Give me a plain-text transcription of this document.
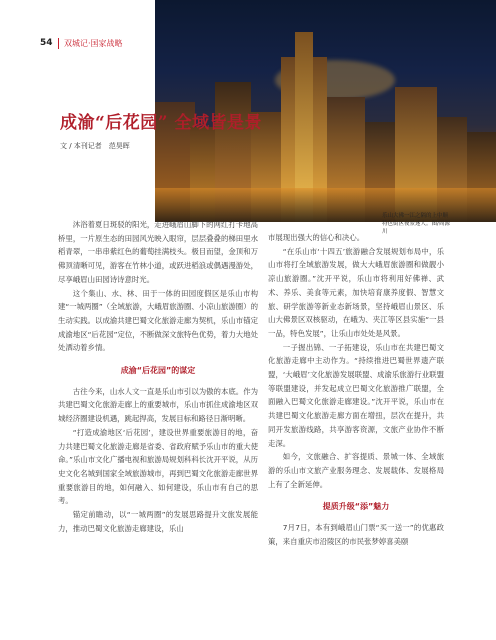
54 双城记·国家战略
成渝“后花园” 全域皆是景
文 / 本刊记者　范昊晖
乐山大佛一江之隔的上中顺特色街区夜景迷人。图/周源川

沐浴着夏日斑驳的阳光，走进峨眉山脚下的网红打卡地高桥里，一片原生态的田园风光映入眼帘，层层叠叠的梯田里水稻青翠，一串串紫红色的葡萄挂满枝头。极目而望，金顶和万佛顶清晰可见，游客在竹林小道，或跃进稻浪或偶遇漫游处，尽享峨眉山田园诗诗意时光。

这个集山、水、林、田于一体的田园度假区是乐山市构建“一城两圈”（全域旅游，大峨眉旅游圈、小凉山旅游圈）的生动实践。以成渝共建巴蜀文化旅游走廊为契机，乐山市锚定成渝地区“后花园”定位，不断做深文旅特色优势，着力大地处处洒动着乡情。

成渝“后花园”的谋定

古往今来，山水人文一直是乐山市引以为傲的本底。作为共建巴蜀文化旅游走廊上的重要城市，乐山市抓住成渝地区双城经济圈建设机遇，跳起捍高，发展目标和路径日渐明晰。

“打造成渝地区‘后花园’，建设世界重要旅游目的地，奋力共建巴蜀文化旅游走廊是省委、省政府赋予乐山市的重大使命。”乐山市文化广播电视和旅游局规划科科长沈开平说，从历史文化名城到国家全域旅游城市，再到巴蜀文化旅游走廊世界重要旅游目的地，如何融入、如何建设，乐山市有自己的思考。

锚定前瞻动，以“一城两圈”的发展思路提升文旅发展能力，推动巴蜀文化旅游走廊建设，乐山

市展现出强大的信心和决心。

“在乐山市‘十四五’旅游融合发展规划布局中，乐山市将打全域旅游发展，做大大峨眉旅游圈和做靓小凉山旅游圈。”沈开平说，乐山市将利用好佛禅、武术、养乐、美食等元素，加快培育康养度假、智慧文旅、研学旅游等新业态新场景，坚持峨眉山景区、乐山大佛景区双核驱动，在峨为、夹江等区县实施“一县一品，特色发展”，让乐山市处处是风景。

一子握出锦、一子拓建设，乐山市在共建巴蜀文化旅游走廊中主动作为。“持续推进巴蜀世界遗产联盟，‘大峨眉’文化旅游发展联盟、成渝乐旅游行业联盟等联盟建设，并发起成立巴蜀文化旅游推广联盟，全面融入巴蜀文化旅游走廊建设。”沈开平说，乐山市在共建巴蜀文化旅游走廊方面在增扭，层次在提升，共同开发旅游线路，共享游客资源，文旅产业协作不断走深。

如今，文旅融合、扩容提质、景城一体、全域旅游的乐山市文旅产业服务理念、发展载体、发展格局上有了全新延伸。

提质升级“添”魅力

7月7日，本有到峨眉山门票“买一送一”的优惠政策，来自重庆市沿陵区的市民张梦婷喜美颐
